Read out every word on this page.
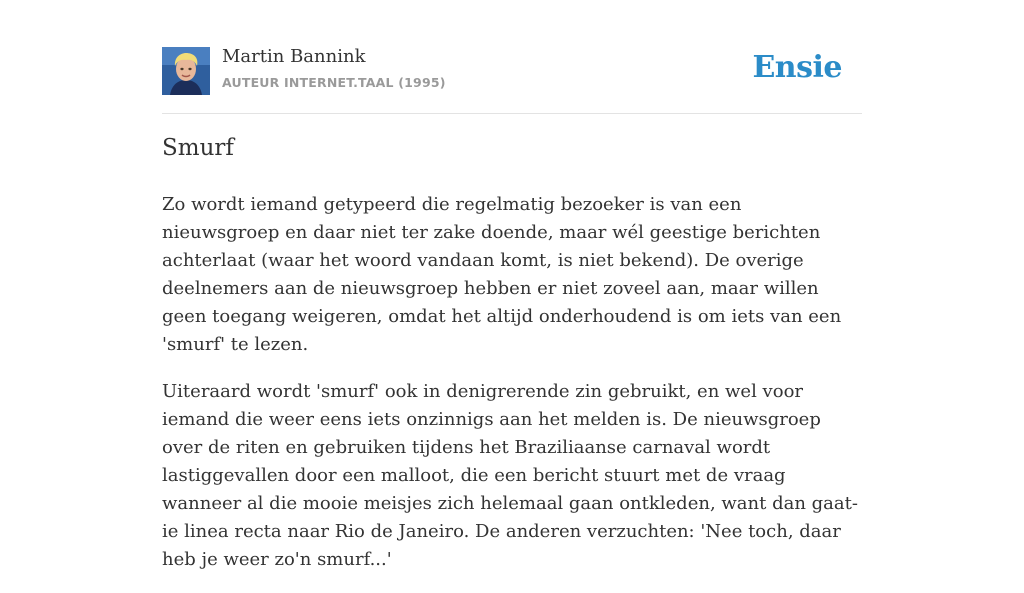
Martin Bannink
AUTEUR INTERNET.TAAL (1995)	Ensie
Smurf

Zo wordt iemand getypeerd die regelmatig bezoeker is van een nieuwsgroep en daar niet ter zake doende, maar wél geestige berichten achterlaat (waar het woord vandaan komt, is niet bekend). De overige deelnemers aan de nieuwsgroep hebben er niet zoveel aan, maar willen geen toegang weigeren, omdat het altijd onderhoudend is om iets van een 'smurf' te lezen.

Uiteraard wordt 'smurf' ook in denigrerende zin gebruikt, en wel voor iemand die weer eens iets onzinnigs aan het melden is. De nieuwsgroep over de riten en gebruiken tijdens het Braziliaanse carnaval wordt lastiggevallen door een malloot, die een bericht stuurt met de vraag wanneer al die mooie meisjes zich helemaal gaan ontkleden, want dan gaat-ie linea recta naar Rio de Janeiro. De anderen verzuchten: 'Nee toch, daar heb je weer zo'n smurf...'
